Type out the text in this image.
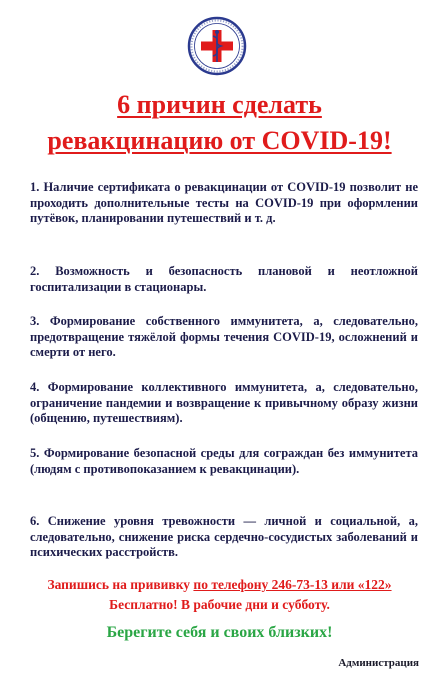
6 причин сделать
ревакцинацию от COVID-19!
1. Наличие сертификата о ревакцинации от COVID-19 позволит не проходить дополнительные тесты на COVID-19 при оформлении путёвок, планировании путешествий и т. д.
2. Возможность и безопасность плановой и неотложной госпитализации в стационары.
3. Формирование собственного иммунитета, а, следовательно, предотвращение тяжёлой формы течения COVID-19, осложнений и смерти от него.
4. Формирование коллективного иммунитета, а, следовательно, ограничение пандемии и возвращение к привычному образу жизни (общению, путешествиям).
5. Формирование безопасной среды для сограждан без иммунитета (людям с противопоказанием к ревакцинации).
6. Снижение уровня тревожности — личной и социальной, а, следовательно, снижение риска сердечно-сосудистых заболеваний и психических расстройств.
Запишись на прививку по телефону 246-73-13 или «122»
Бесплатно! В рабочие дни и субботу.
Берегите себя и своих близких!
Администрация
